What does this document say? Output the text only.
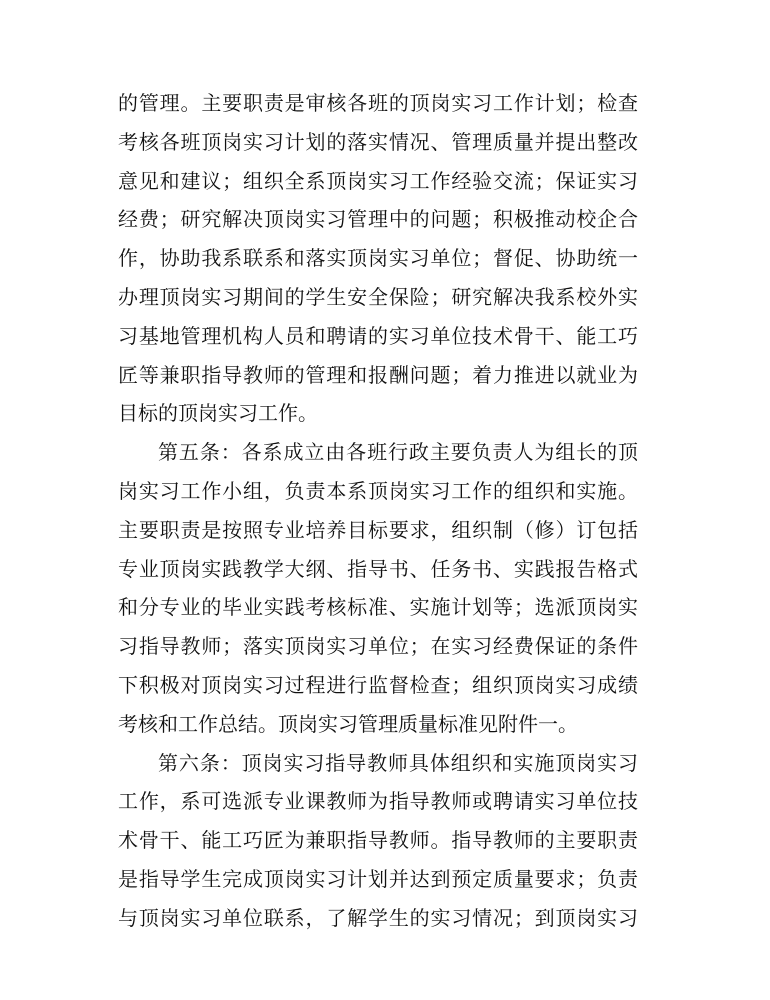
的管理。主要职责是审核各班的顶岗实习工作计划；检查
考核各班顶岗实习计划的落实情况、管理质量并提出整改
意见和建议；组织全系顶岗实习工作经验交流；保证实习
经费；研究解决顶岗实习管理中的问题；积极推动校企合
作，协助我系联系和落实顶岗实习单位；督促、协助统一
办理顶岗实习期间的学生安全保险；研究解决我系校外实
习基地管理机构人员和聘请的实习单位技术骨干、能工巧
匠等兼职指导教师的管理和报酬问题；着力推进以就业为
目标的顶岗实习工作。
第五条：各系成立由各班行政主要负责人为组长的顶
岗实习工作小组，负责本系顶岗实习工作的组织和实施。
主要职责是按照专业培养目标要求，组织制（修）订包括
专业顶岗实践教学大纲、指导书、任务书、实践报告格式
和分专业的毕业实践考核标准、实施计划等；选派顶岗实
习指导教师；落实顶岗实习单位；在实习经费保证的条件
下积极对顶岗实习过程进行监督检查；组织顶岗实习成绩
考核和工作总结。顶岗实习管理质量标准见附件一。
第六条：顶岗实习指导教师具体组织和实施顶岗实习
工作，系可选派专业课教师为指导教师或聘请实习单位技
术骨干、能工巧匠为兼职指导教师。指导教师的主要职责
是指导学生完成顶岗实习计划并达到预定质量要求；负责
与顶岗实习单位联系，了解学生的实习情况；到顶岗实习
